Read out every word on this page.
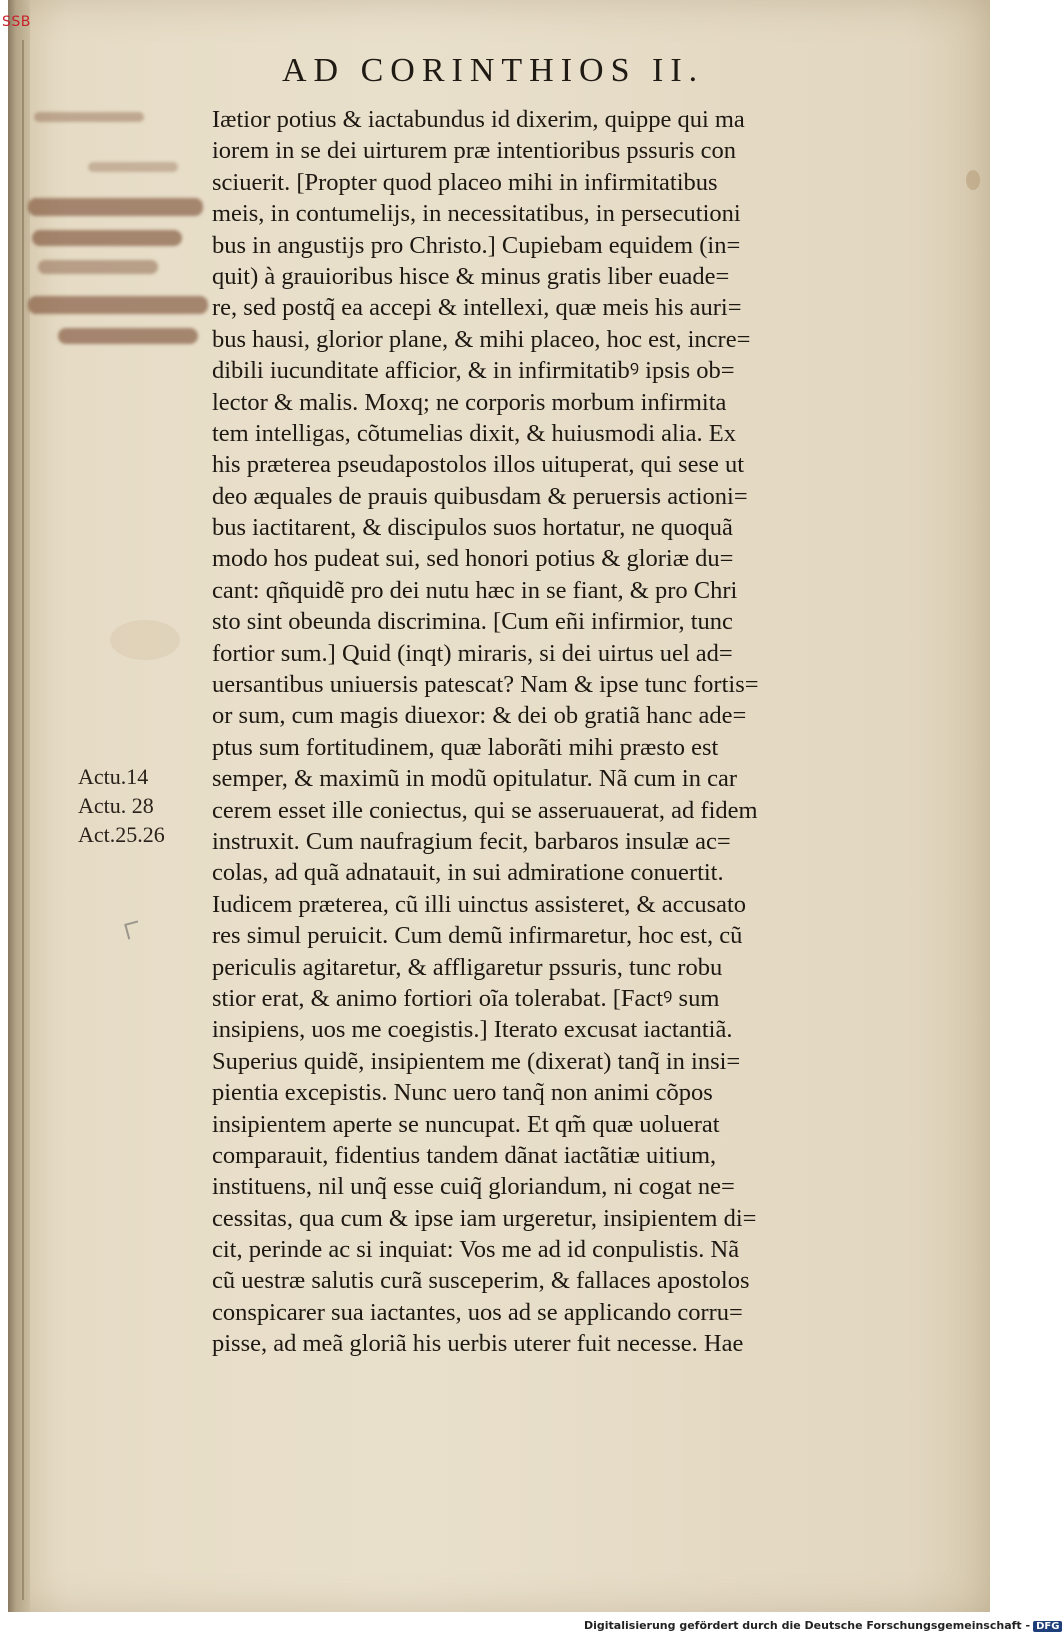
SSB
AD CORINTHIOS II.
Iætior potius & iactabundus id dixerim, quippe qui ma
iorem in se dei uirturem præ intentioribus pssuris con
sciuerit. [Propter quod placeo mihi in infirmitatibus
meis, in contumelijs, in necessitatibus, in persecutioni
bus in angustijs pro Christo.] Cupiebam equidem (in=
quit) à grauioribus hisce & minus gratis liber euade=
re, sed postq̃ ea accepi & intellexi, quæ meis his auri=
bus hausi, glorior plane, & mihi placeo, hoc est, incre=
dibili iucunditate afficior, & in infirmitatibꝰ ipsis ob=
lector & malis. Moxq; ne corporis morbum infirmita
tem intelligas, cõtumelias dixit, & huiusmodi alia. Ex
his præterea pseudapostolos illos uituperat, qui sese ut
deo æquales de prauis quibusdam & peruersis actioni=
bus iactitarent, & discipulos suos hortatur, ne quoquã
modo hos pudeat sui, sed honori potius & gloriæ du=
cant: qñquidẽ pro dei nutu hæc in se fiant, & pro Chri
sto sint obeunda discrimina. [Cum eñi infirmior, tunc
fortior sum.] Quid (inqt) miraris, si dei uirtus uel ad=
uersantibus uniuersis patescat? Nam & ipse tunc fortis=
or sum, cum magis diuexor: & dei ob gratiã hanc ade=
ptus sum fortitudinem, quæ laborãti mihi præsto est
semper, & maximũ in modũ opitulatur. Nã cum in car
cerem esset ille coniectus, qui se asseruauerat, ad fidem
instruxit. Cum naufragium fecit, barbaros insulæ ac=
colas, ad quã adnatauit, in sui admiratione conuertit.
Iudicem præterea, cũ illi uinctus assisteret, & accusato
res simul peruicit. Cum demũ infirmaretur, hoc est, cũ
periculis agitaretur, & affligaretur pssuris, tunc robu
stior erat, & animo fortiori oĩa tolerabat. [Factꝰ sum
insipiens, uos me coegistis.] Iterato excusat iactantiã.
Superius quidẽ, insipientem me (dixerat) tanq̃ in insi=
pientia excepistis. Nunc uero tanq̃ non animi cõpos
insipientem aperte se nuncupat. Et qm̃ quæ uoluerat
comparauit, fidentius tandem dãnat iactãtiæ uitium,
instituens, nil unq̃ esse cuiq̃ gloriandum, ni cogat ne=
cessitas, qua cum & ipse iam urgeretur, insipientem di=
cit, perinde ac si inquiat: Vos me ad id conpulistis. Nã
cũ uestræ salutis curã susceperim, & fallaces apostolos
conspicarer sua iactantes, uos ad se applicando corru=
pisse, ad meã gloriã his uerbis uterer fuit necesse. Hae
Actu.14
Actu. 28
Act.25.26
Digitalisierung gefördert durch die Deutsche Forschungsgemeinschaft - DFG
